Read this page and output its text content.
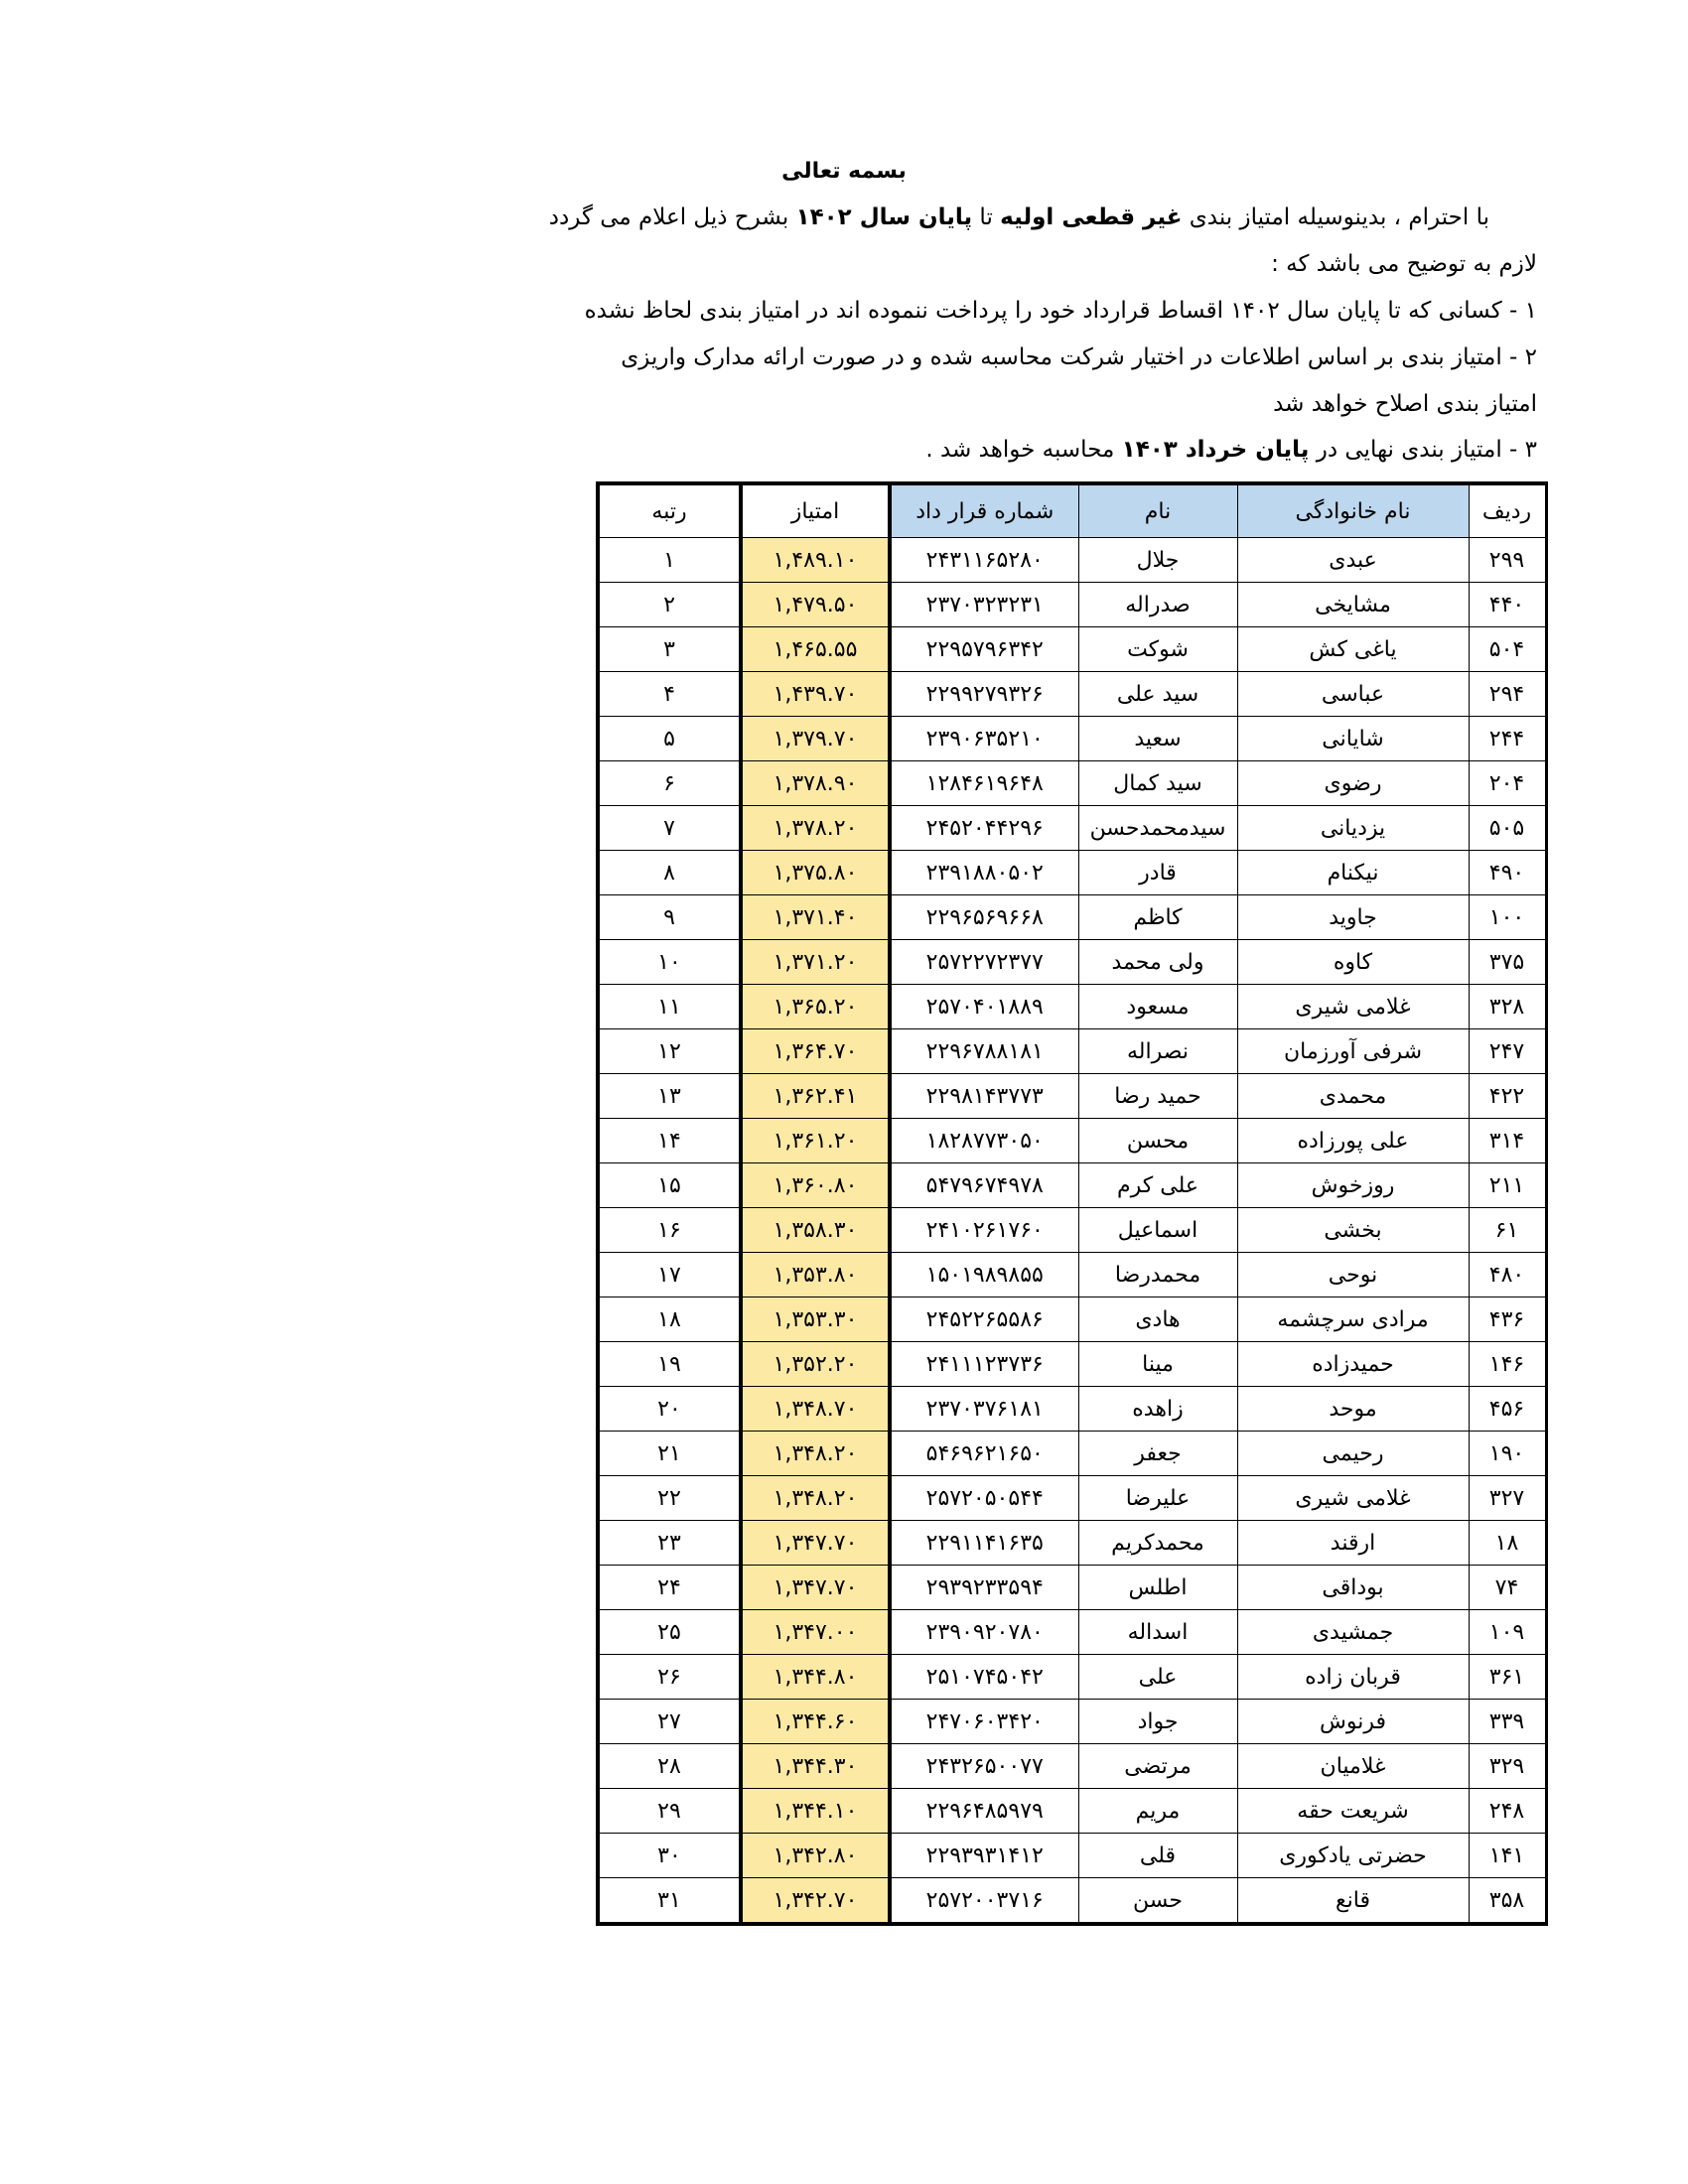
بسمه تعالی
با احترام ، بدینوسیله امتیاز بندی غیر قطعی اولیه تا پایان سال ۱۴۰۲ بشرح ذیل اعلام می گردد
لازم به توضیح می باشد که :
۱ - کسانی که تا پایان سال ۱۴۰۲ اقساط قرارداد خود را پرداخت ننموده اند در امتیاز بندی لحاظ نشده
۲ - امتیاز بندی بر اساس اطلاعات در اختیار شرکت محاسبه شده و در صورت ارائه مدارک واریزی
امتیاز بندی اصلاح خواهد شد
۳ - امتیاز بندی نهایی در پایان خرداد ۱۴۰۳ محاسبه خواهد شد .
ردیف	نام خانوادگی	نام	شماره قرار داد	امتیاز	رتبه
۲۹۹	عبدی	جلال	۲۴۳۱۱۶۵۲۸۰	۱,۴۸۹.۱۰	۱
۴۴۰	مشایخی	صدراله	۲۳۷۰۳۲۳۲۳۱	۱,۴۷۹.۵۰	۲
۵۰۴	یاغی کش	شوکت	۲۲۹۵۷۹۶۳۴۲	۱,۴۶۵.۵۵	۳
۲۹۴	عباسی	سید علی	۲۲۹۹۲۷۹۳۲۶	۱,۴۳۹.۷۰	۴
۲۴۴	شایانی	سعید	۲۳۹۰۶۳۵۲۱۰	۱,۳۷۹.۷۰	۵
۲۰۴	رضوی	سید کمال	۱۲۸۴۶۱۹۶۴۸	۱,۳۷۸.۹۰	۶
۵۰۵	یزدیانی	سیدمحمدحسن	۲۴۵۲۰۴۴۲۹۶	۱,۳۷۸.۲۰	۷
۴۹۰	نیکنام	قادر	۲۳۹۱۸۸۰۵۰۲	۱,۳۷۵.۸۰	۸
۱۰۰	جاوید	کاظم	۲۲۹۶۵۶۹۶۶۸	۱,۳۷۱.۴۰	۹
۳۷۵	کاوه	ولی محمد	۲۵۷۲۲۷۲۳۷۷	۱,۳۷۱.۲۰	۱۰
۳۲۸	غلامی شیری	مسعود	۲۵۷۰۴۰۱۸۸۹	۱,۳۶۵.۲۰	۱۱
۲۴۷	شرفی آورزمان	نصراله	۲۲۹۶۷۸۸۱۸۱	۱,۳۶۴.۷۰	۱۲
۴۲۲	محمدی	حمید رضا	۲۲۹۸۱۴۳۷۷۳	۱,۳۶۲.۴۱	۱۳
۳۱۴	علی پورزاده	محسن	۱۸۲۸۷۷۳۰۵۰	۱,۳۶۱.۲۰	۱۴
۲۱۱	روزخوش	علی کرم	۵۴۷۹۶۷۴۹۷۸	۱,۳۶۰.۸۰	۱۵
۶۱	بخشی	اسماعیل	۲۴۱۰۲۶۱۷۶۰	۱,۳۵۸.۳۰	۱۶
۴۸۰	نوحی	محمدرضا	۱۵۰۱۹۸۹۸۵۵	۱,۳۵۳.۸۰	۱۷
۴۳۶	مرادی سرچشمه	هادی	۲۴۵۲۲۶۵۵۸۶	۱,۳۵۳.۳۰	۱۸
۱۴۶	حمیدزاده	مینا	۲۴۱۱۱۲۳۷۳۶	۱,۳۵۲.۲۰	۱۹
۴۵۶	موحد	زاهده	۲۳۷۰۳۷۶۱۸۱	۱,۳۴۸.۷۰	۲۰
۱۹۰	رحیمی	جعفر	۵۴۶۹۶۲۱۶۵۰	۱,۳۴۸.۲۰	۲۱
۳۲۷	غلامی شیری	علیرضا	۲۵۷۲۰۵۰۵۴۴	۱,۳۴۸.۲۰	۲۲
۱۸	ارقند	محمدکریم	۲۲۹۱۱۴۱۶۳۵	۱,۳۴۷.۷۰	۲۳
۷۴	بوداقی	اطلس	۲۹۳۹۲۳۳۵۹۴	۱,۳۴۷.۷۰	۲۴
۱۰۹	جمشیدی	اسداله	۲۳۹۰۹۲۰۷۸۰	۱,۳۴۷.۰۰	۲۵
۳۶۱	قربان زاده	علی	۲۵۱۰۷۴۵۰۴۲	۱,۳۴۴.۸۰	۲۶
۳۳۹	فرنوش	جواد	۲۴۷۰۶۰۳۴۲۰	۱,۳۴۴.۶۰	۲۷
۳۲۹	غلامیان	مرتضی	۲۴۳۲۶۵۰۰۷۷	۱,۳۴۴.۳۰	۲۸
۲۴۸	شریعت حقه	مریم	۲۲۹۶۴۸۵۹۷۹	۱,۳۴۴.۱۰	۲۹
۱۴۱	حضرتی یادکوری	قلی	۲۲۹۳۹۳۱۴۱۲	۱,۳۴۲.۸۰	۳۰
۳۵۸	قانع	حسن	۲۵۷۲۰۰۳۷۱۶	۱,۳۴۲.۷۰	۳۱
